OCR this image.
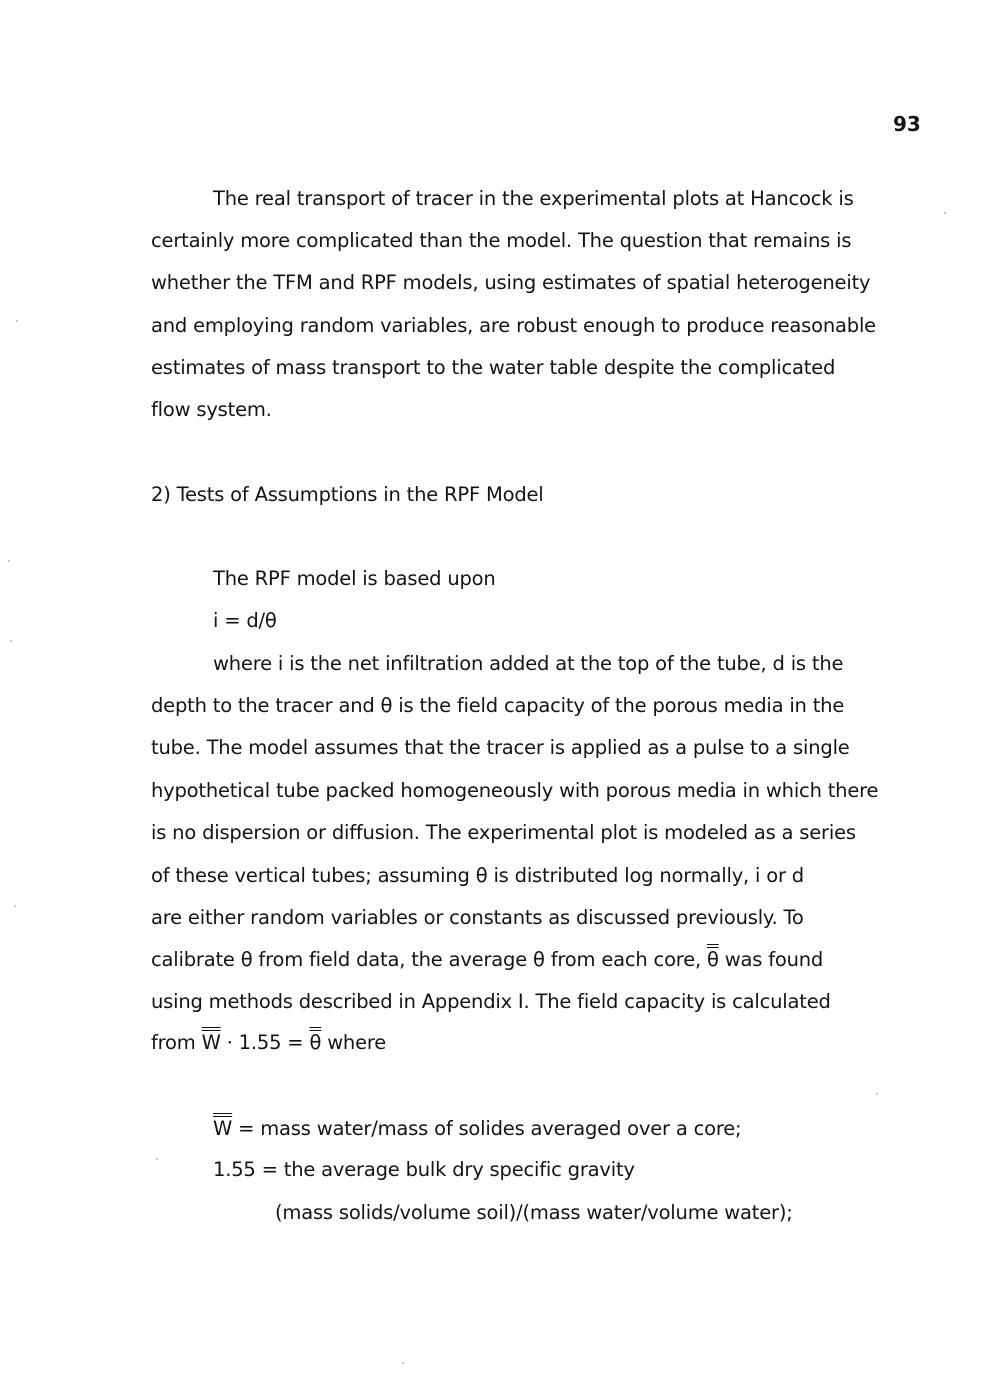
93
The real transport of tracer in the experimental plots at Hancock is
certainly more complicated than the model. The question that remains is
whether the TFM and RPF models, using estimates of spatial heterogeneity
and employing random variables, are robust enough to produce reasonable
estimates of mass transport to the water table despite the complicated
flow system.
2) Tests of Assumptions in the RPF Model
The RPF model is based upon
i = d/θ
where i is the net infiltration added at the top of the tube, d is the
depth to the tracer and θ is the field capacity of the porous media in the
tube. The model assumes that the tracer is applied as a pulse to a single
hypothetical tube packed homogeneously with porous media in which there
is no dispersion or diffusion. The experimental plot is modeled as a series
of these vertical tubes; assuming θ is distributed log normally, i or d
are either random variables or constants as discussed previously. To
calibrate θ from field data, the average θ from each core, θ was found
using methods described in Appendix I. The field capacity is calculated
from W · 1.55 = θ where
W = mass water/mass of solides averaged over a core;
1.55 = the average bulk dry specific gravity
(mass solids/volume soil)/(mass water/volume water);
